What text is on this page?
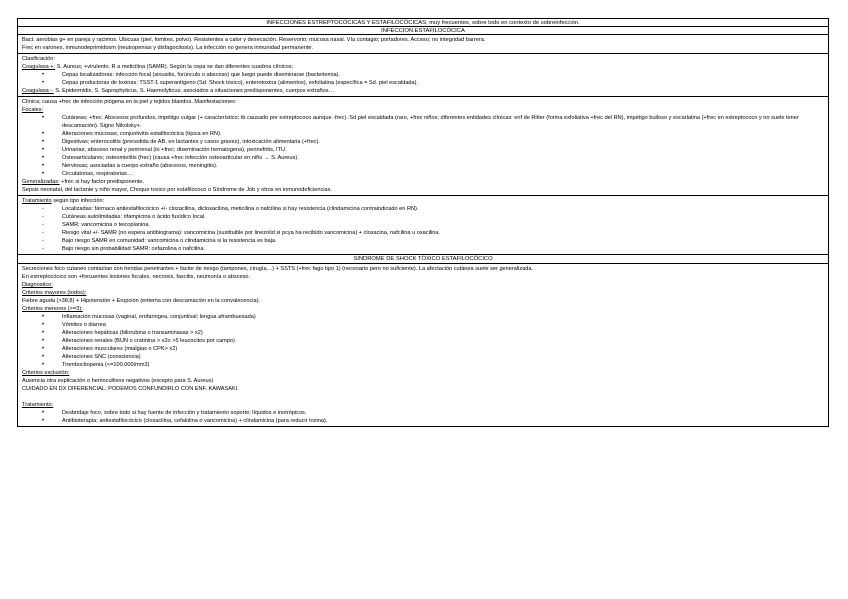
INFECCIONES ESTREPTOCÓCICAS Y ESTAFILOCÓCICAS; muy frecuentes, sobre todo en contexto de sobreinfección.
INFECCION ESTAFILOCÓCICA
Bact. aerobias g+ en pareja y racimos. Ubicuas (piel, fomites, polvo). Resistentes a calor y desecación. Reservorio; mucosa nasal. Vía contagio; portadores. Acceso; no integridad barrera.
Frec en varones, inmunodeprimidosm (neutropenias y disfagocitosis). La infección no genera inmunidad permanente.
Clasificación:
Coagulasa +: S. Aureus; +virulento. R a meticilina (SAMR). Según la cepa se dan diferentes cuadros clínicos;
• Cepas localizadoras: infección focal (sinusitis, forúnculo o absceso) que luego puede diseminarse (bacteriemia).
• Cepas productoras de toxinas: TSST-1 superantígeno (Sd. Shock tóxico), enterotoxina (alimentos), exfoliatina (específica = Sd. piel escaldada).
Coagulasa -: S. Epidermidis, S. Saprophyticus, S. Haemolyticus; asociados a situaciones predisponentes, cuerpos extraños…
Clínica; causa +frec de infección piógena en la piel y tejidos blandos. Manifestaciones:
Focales:
• Cutáneas; +frec. Abscesos profundos, impétigo vulgar (+ característico; tb causado por estreptococo aunque -frec). Sd piel escaldada (raro, +frec niños; diferentes entidades clínicas: enf de Ritter (forma exfoliativa +frec del RN), impétigo bulloso y escarlatina (+frec en estreptococo y no suele tener descamación). Signo Nikolsky+.
• Alteraciones mucosas; conjuntivitis estafilocócica (típica en RN).
• Digestivas; enterocolitis (precedida de AB, en lactantes y casos graves), intoxicación alimentaria (+frec).
• Urinarias; absceso renal y perirrenal (lo +frec; diseminación hematogena), perinefritis, ITU.
• Osteoarticulares; osteomielitis (frec) (causa +frec infección osteoarticular en niño → S. Aureus).
• Nerviosas; asociadas a cuerpo extraño (abscesos, meningitis).
• Circulatorias, respiratorias…
Generalizadas: +frec si hay factor predisponente.
Sepsis neonatal, del lactante y niño mayor, Choque toxico por estafilococo o Síndrome de Job y otros en inmunodeficiencias.
Tratamiento según tipo infección:
- Localizadas: fármaco antiestafilocócico +/- clozacilina, dicloxacilina, meticilina o nafcilina si hay resistencia (clindamicina contraindicado en RN).
- Cutáneas autolimitadas: rifampicina o ácido fusídico local.
- SAMR: vancomicina o teicoplanina.
- Riesgo vital +/- SAMR (no espera antibiograma): vancomicina (sustituible por linezolid si pcya ha recibido vancomicina) + cloxacina, nafcilina u oxacilina.
- Bajo riesgo SAMR en comunidad: vancomicina o clindamicina si la resistencia es baja.
- Bajo riesgo sin probabilidad SAMR: cefazolina o nafcilina.
SINDROME DE SHOCK TÓXICO ESTAFILOCÓCICO
Secreciones foco cutaneo contactan con heridas penetrantes + factor de riesgo (tampones, cirugía…) + SSTS (+frec fago tipo 1) (necesario pero no suficiente). La afectación cutánea suele ser generalizada.
En estreptocócico son +frecuentes lesiones focales, necrosis, fascitis, neumonía o absceso.
Diagnostico:
Criterios mayores (todos):
Fiebre aguda (>38,8) + Hipotensión + Erupción (eritema con descamación en la convalecencia).
Criterios menores (>=3):
• Inflamación mucosas (vaginal, orofaringea, conjuntival; lengua aframbuesada)
• Vómitos o diarrea
• Alteraciones hepáticas (bilirrubina o transaminasas > x2)
• Alteraciones renales (BUN o cratinina > x2o >5 leucocitos por campo)
• Alteraciones musculares (mialgias o CPK> x2)
• Alteraciones SNC (consciencia)
• Trombocitopenia (<=100.000/mm3)
Criterios exclusión:
Ausencia otra explicación o hemocultivos negativos (excepto para S. Aureus)
CUIDADO EN DX DIFERENCIAL; PODEMOS CONFUNDIRLO CON ENF. KAWASAKI.
Tratamiento:
• Desbridaje foco, sobre todo si hay fuente de infección y tratamiento soporte; líquidos e inotrópicos.
• Antibioterapia; antiestafilocócico (cloxacilina, cefalolina o vancomicina) + clindamicina (para reducir toxina).
